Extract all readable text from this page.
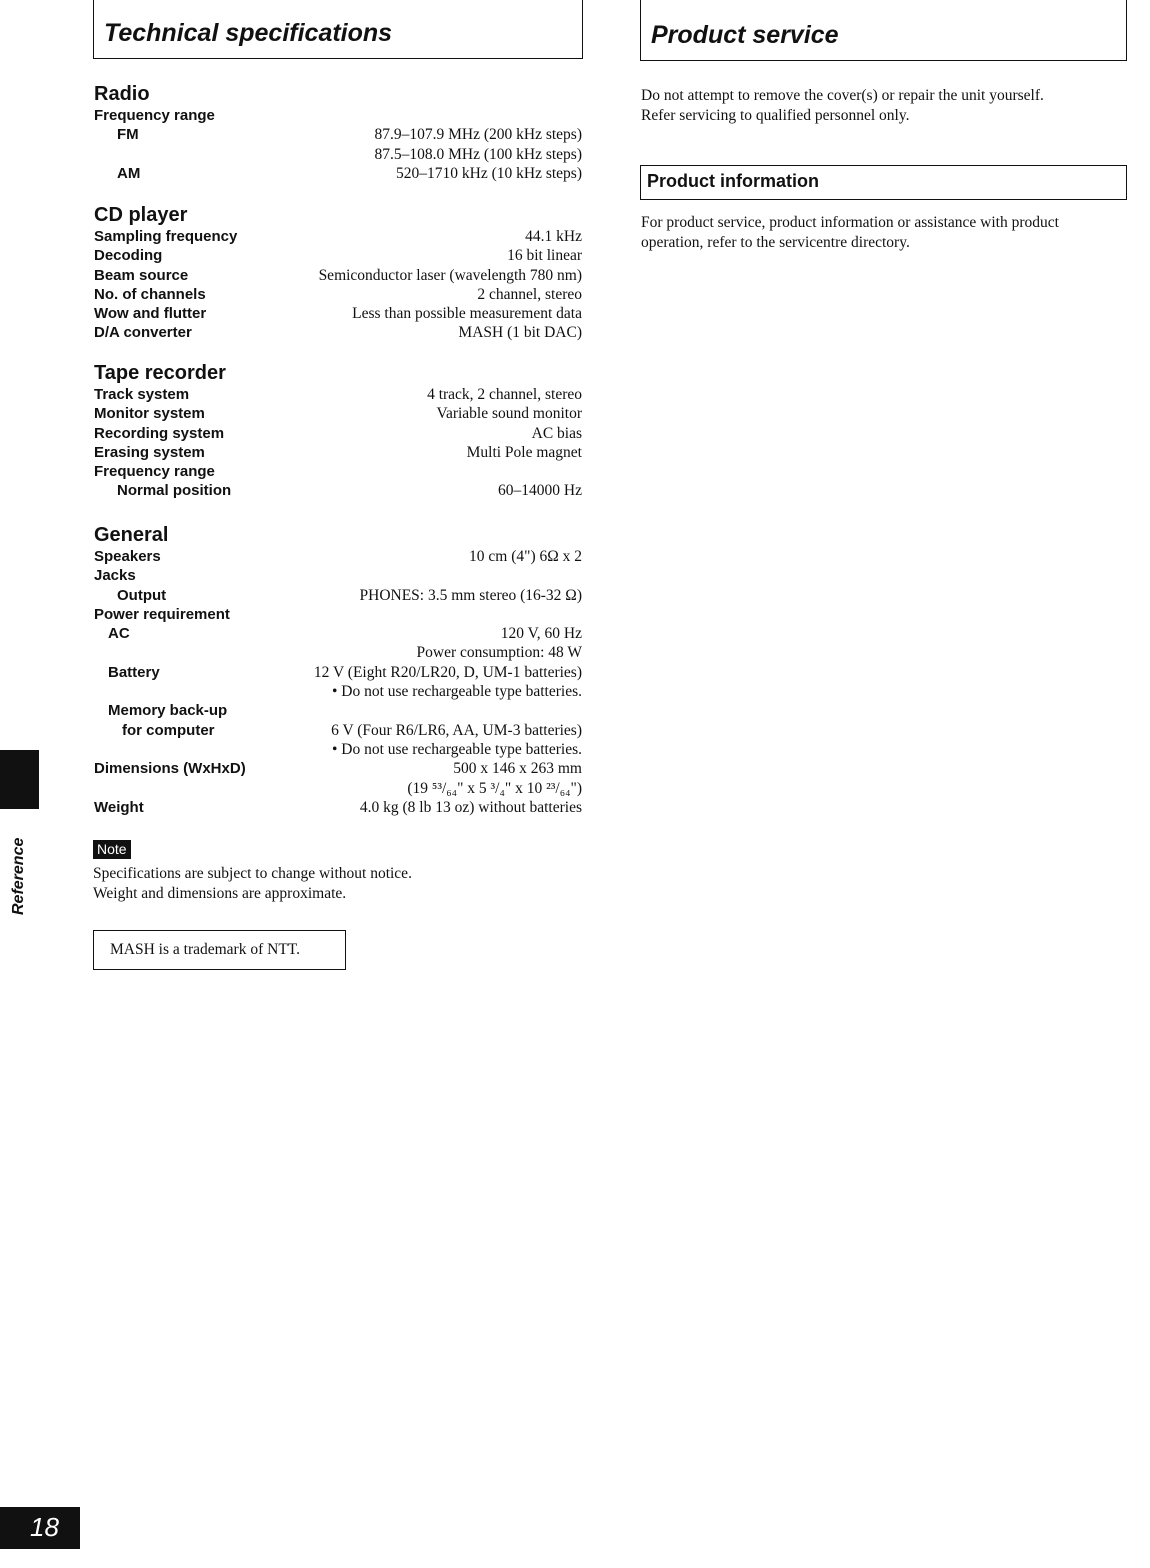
Technical specifications	Product service
Radio
Frequency range
FM	87.9–107.9 MHz (200 kHz steps)
87.5–108.0 MHz (100 kHz steps)
AM	520–1710 kHz (10 kHz steps)
CD player
Sampling frequency	44.1 kHz
Decoding	16 bit linear
Beam source	Semiconductor laser (wavelength 780 nm)
No. of channels	2 channel, stereo
Wow and flutter	Less than possible measurement data
D/A converter	MASH (1 bit DAC)
Tape recorder
Track system	4 track, 2 channel, stereo
Monitor system	Variable sound monitor
Recording system	AC bias
Erasing system	Multi Pole magnet
Frequency range
Normal position	60–14000 Hz
General
Speakers	10 cm (4") 6Ω x 2
Jacks
Output	PHONES: 3.5 mm stereo (16-32 Ω)
Power requirement
AC	120 V, 60 Hz
Power consumption: 48 W
Battery	12 V (Eight R20/LR20, D, UM-1 batteries)
• Do not use rechargeable type batteries.
Memory back-up
for computer	6 V (Four R6/LR6, AA, UM-3 batteries)
• Do not use rechargeable type batteries.
Dimensions (WxHxD)	500 x 146 x 263 mm
(19 ⁵³/₆₄" x 5 ³/₄" x 10 ²³/₆₄")
Weight	4.0 kg (8 lb 13 oz) without batteries
Note
Specifications are subject to change without notice.
Weight and dimensions are approximate.
MASH is a trademark of NTT.
Do not attempt to remove the cover(s) or repair the unit yourself.
Refer servicing to qualified personnel only.
Product information
For product service, product information or assistance with product
operation, refer to the servicentre directory.
Reference
18
